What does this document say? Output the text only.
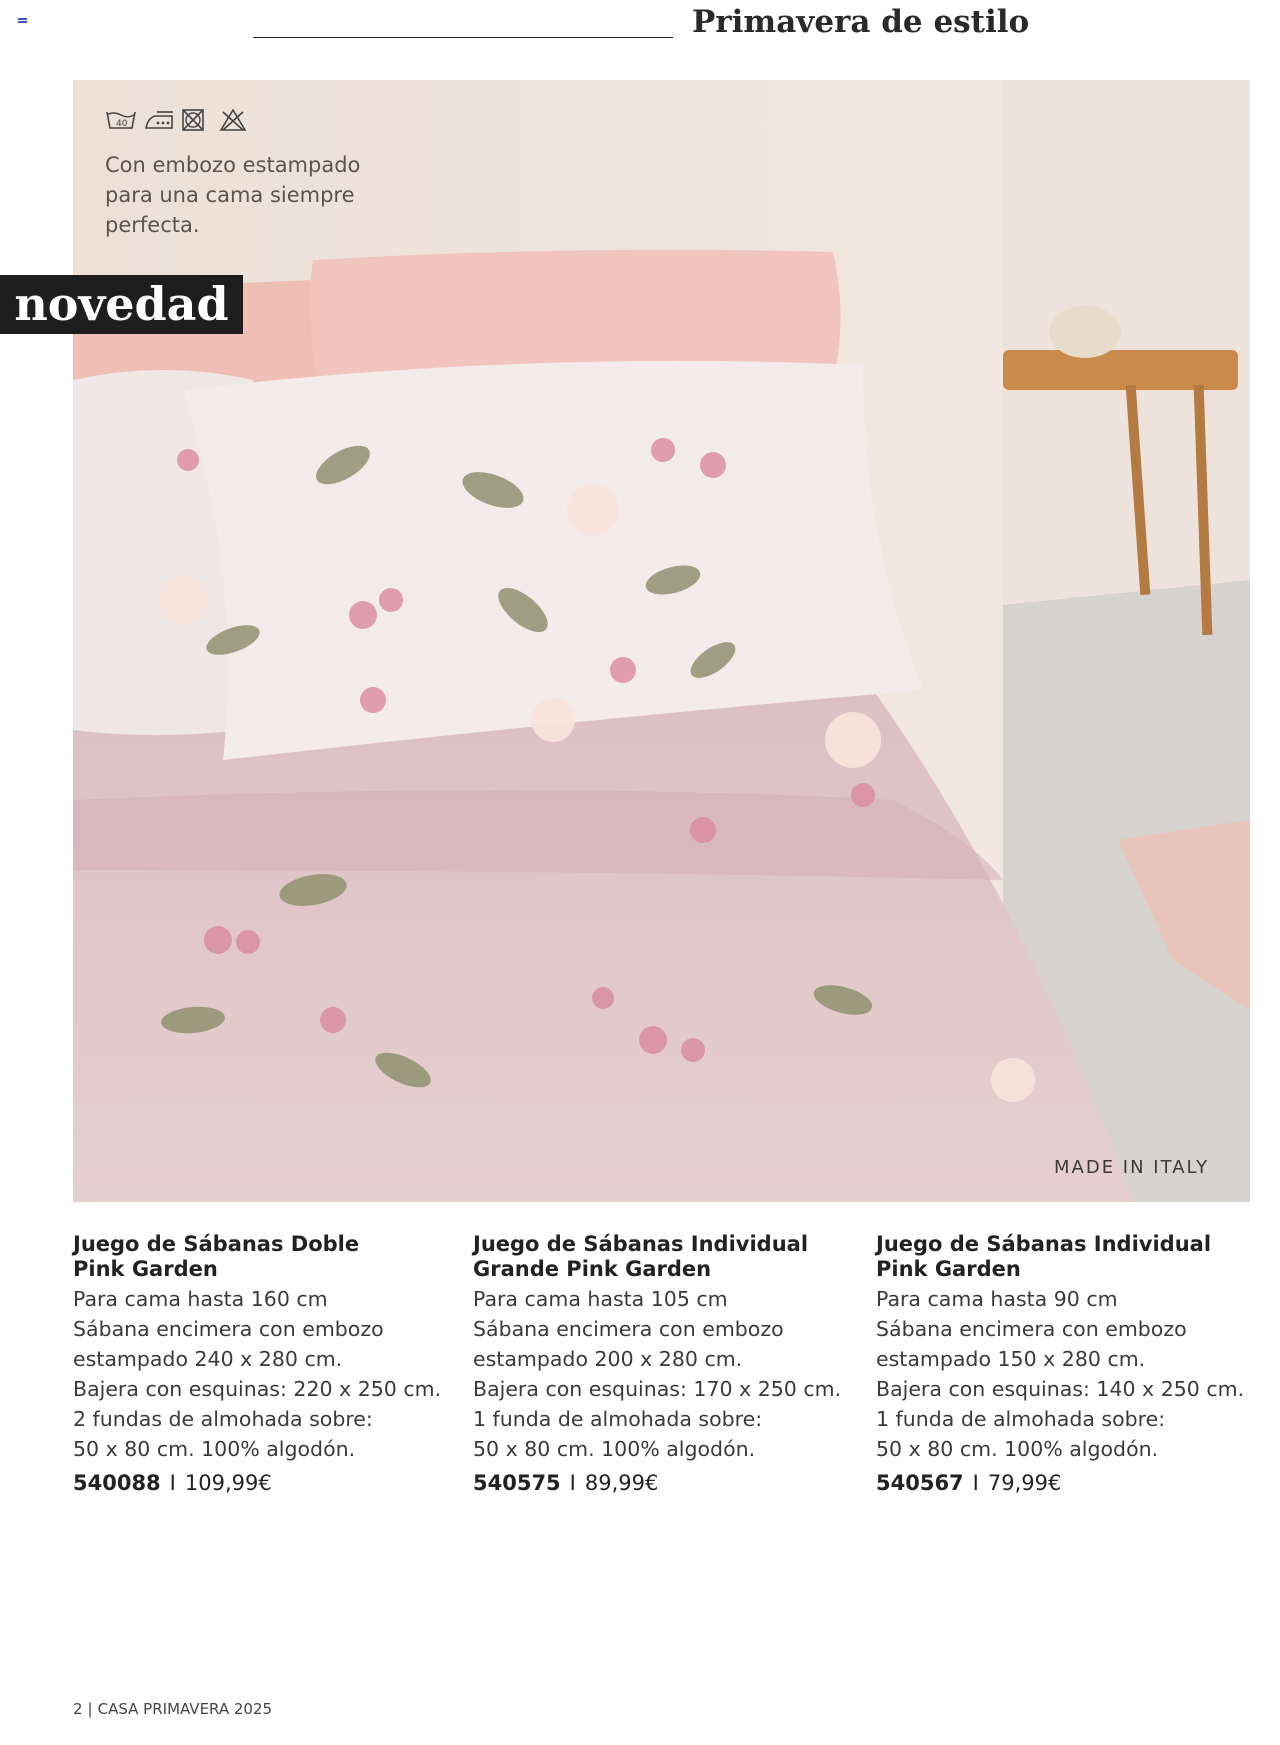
Primavera de estilo
40
Con embozo estampado
para una cama siempre
perfecta.
MADE IN ITALY
novedad
Juego de Sábanas Doble
Pink Garden
Para cama hasta 160 cm
Sábana encimera con embozo
estampado 240 x 280 cm.
Bajera con esquinas: 220 x 250 cm.
2 fundas de almohada sobre:
50 x 80 cm. 100% algodón.
540088 I 109,99€
Juego de Sábanas Individual
Grande Pink Garden
Para cama hasta 105 cm
Sábana encimera con embozo
estampado 200 x 280 cm.
Bajera con esquinas: 170 x 250 cm.
1 funda de almohada sobre:
50 x 80 cm. 100% algodón.
540575 I 89,99€
Juego de Sábanas Individual
Pink Garden
Para cama hasta 90 cm
Sábana encimera con embozo
estampado 150 x 280 cm.
Bajera con esquinas: 140 x 250 cm.
1 funda de almohada sobre:
50 x 80 cm. 100% algodón.
540567 I 79,99€
2 | CASA PRIMAVERA 2025
